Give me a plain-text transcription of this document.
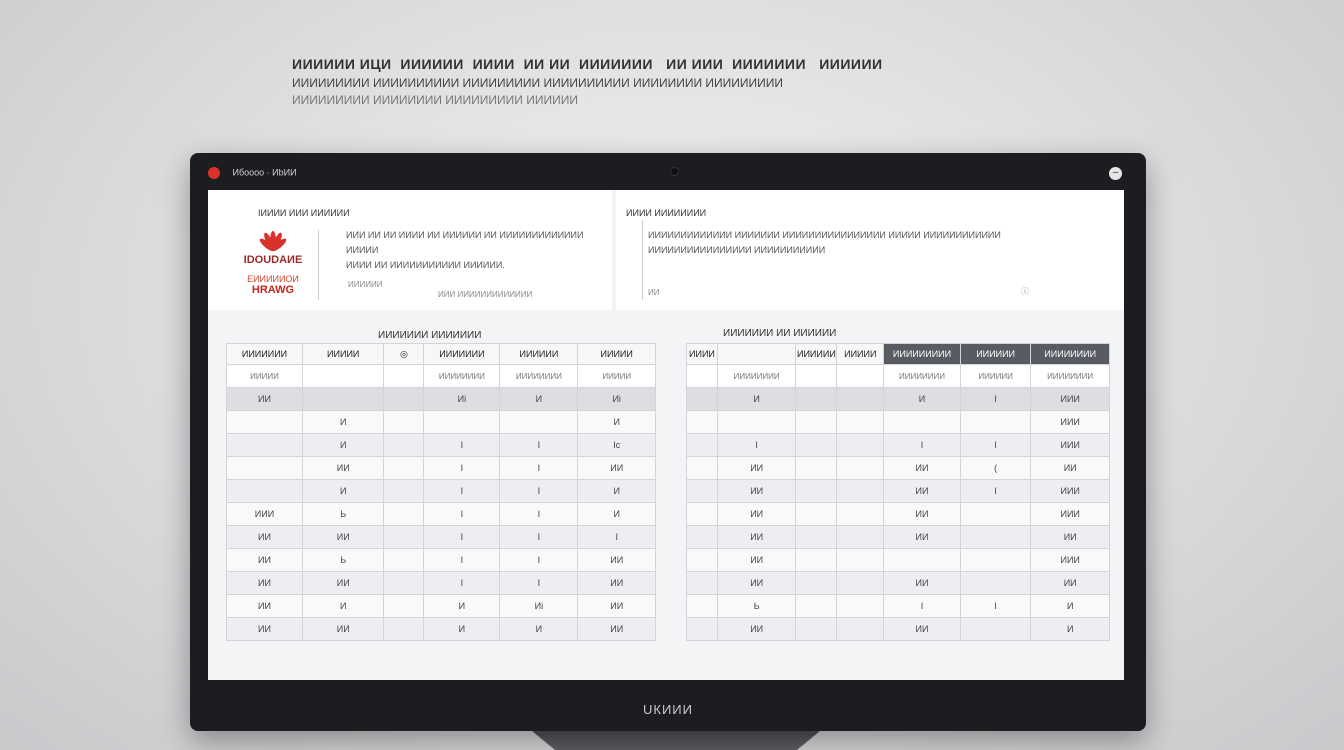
ИИИИИИ ИЦИ ИИИИИИ ИИИИ ИИ ИИ ИИИИИИИ ИИ ИИИ ИИИИИИИ ИИИИИИ
ИИИИИИИИИ ИИИИИИИИИИ ИИИИИИИИИ ИИИИИИИИИИ ИИИИИИИИ ИИИИИИИИИ
ИИИИИИИИИ ИИИИИИИИ ИИИИИИИИИ ИИИИИИ
Ибоооо · ИbИИ	–
IИИИИ ИИИ ИИИИИИ
IDOUDAИE
EИИИИИОИ
HRAWG
ИИИ ИИ ИИ ИИИИ ИИ ИИИИИИ ИИ ИИИИИИИИИИИИИ ИИИИИ
ИИИИ ИИ ИИИИИИИИИИИ ИИИИИИ.
ИИИИИИ
ИИИ ИИИИИИИИИИИИИ
ИИИИ ИИИИИИИИ
ИИИИИИИИИИИИИ ИИИИИИИ ИИИИИИИИИИИИИИИИ ИИИИИ ИИИИИИИИИИИИ
ИИИИИИИИИИИИИИИИ ИИИИИИИИИИИ
ИИ	ⓘ
ИИИИИИИ ИИИИИИИ
ИИИИИИИ	ИИИИИ	◎	ИИИИИИИ	ИИИИИИ	ИИИИИ
ИИИИИ			ИИИИИИИИ	ИИИИИИИИ	ИИИИИ
ИИ			Иi	И	Иi
	И				И
	И		I	I	Ic
	ИИ		I	I	ИИ
	И		I	I	И
ИИИ	Ь		I	I	И
ИИ	ИИ		I	I	I
ИИ	Ь		I	I	ИИ
ИИ	ИИ		I	I	ИИ
ИИ	И		И	Иi	ИИ
ИИ	ИИ		И	И	ИИ
ИИИИИИИ ИИ ИИИИИИ
ИИИИ		ИИИИИИ	ИИИИИ	ИИИИИИИИИ	ИИИИИИ	ИИИИИИИИ
	ИИИИИИИИ			ИИИИИИИИ	ИИИИИИ	ИИИИИИИИ
	И			И	I	ИИИ
						ИИИ
	I			I	I	ИИИ
	ИИ			ИИ	(	ИИ
	ИИ			ИИ	I	ИИИ
	ИИ			ИИ		ИИИ
	ИИ			ИИ		ИИ
	ИИ					ИИИ
	ИИ			ИИ		ИИ
	Ь			I	I	И
	ИИ			ИИ		И
UКИИИ
